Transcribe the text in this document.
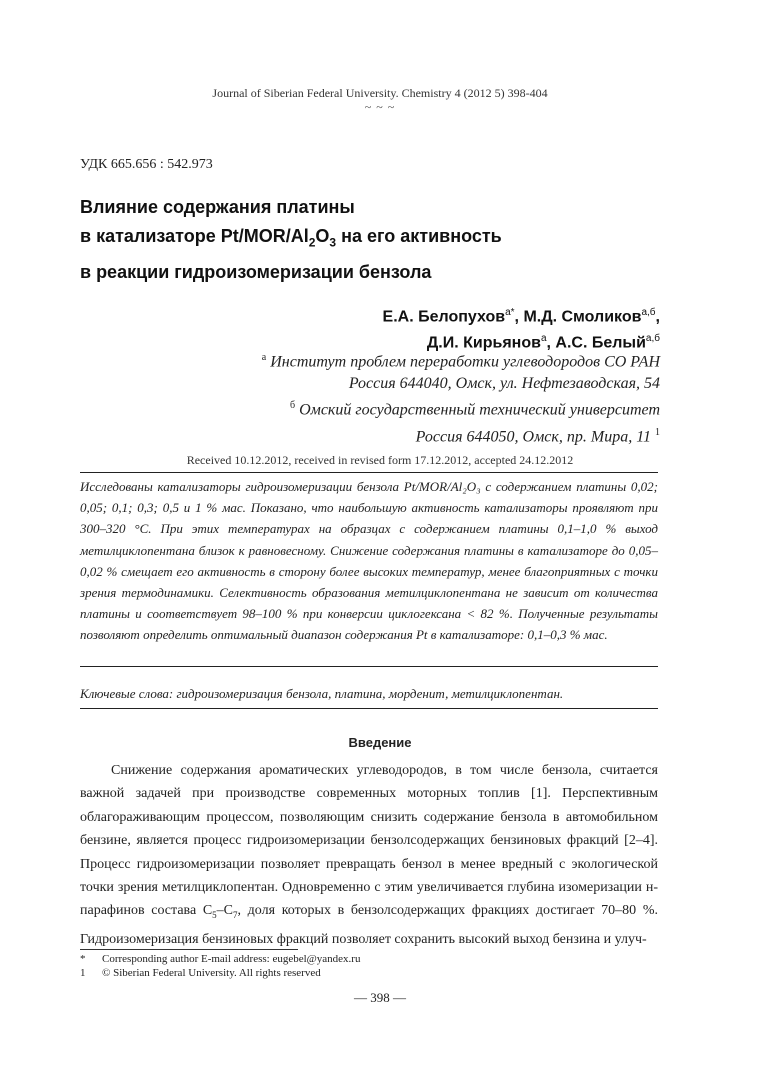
Journal of Siberian Federal University. Chemistry 4 (2012 5) 398-404
~ ~ ~
УДК 665.656 : 542.973
Влияние содержания платины
в катализаторе $Pt/MOR/Al_2O_3$ на его активность
в реакции гидроизомеризации бензола
Е.А. Белопухов$^{а*}$, М.Д. Смоликов$^{а,б}$,
Д.И. Кирьянов$^а$, А.С. Белый$^{а,б}$
$^а$ Институт проблем переработки углеводородов СО РАН
Россия 644040, Омск, ул. Нефтезаводская, 54
$^б$ Омский государственный технический университет
Россия 644050, Омск, пр. Мира, 11 $^1$
Received 10.12.2012, received in revised form 17.12.2012, accepted 24.12.2012
Исследованы катализаторы гидроизомеризации бензола Pt/MOR/Al₂O₃ с содержанием платины 0,02; 0,05; 0,1; 0,3; 0,5 и 1 % мас. Показано, что наибольшую активность катализаторы проявляют при 300–320 °С. При этих температурах на образцах с содержанием платины 0,1–1,0 % выход метилциклопентана близок к равновесному. Снижение содержания платины в катализаторе до 0,05–0,02 % смещает его активность в сторону более высоких температур, менее благоприятных с точки зрения термодинамики. Селективность образования метилциклопентана не зависит от количества платины и соответствует 98–100 % при конверсии циклогексана < 82 %. Полученные результаты позволяют определить оптимальный диапазон содержания Pt в катализаторе: 0,1–0,3 % мас.
Ключевые слова: гидроизомеризация бензола, платина, морденит, метилциклопентан.
Введение

Снижение содержания ароматических углеводородов, в том числе бензола, считается важной задачей при производстве современных моторных топлив [1]. Перспективным облагораживающим процессом, позволяющим снизить содержание бензола в автомобильном бензине, является процесс гидроизомеризации бензолсодержащих бензиновых фракций [2–4]. Процесс гидроизомеризации позволяет превращать бензол в менее вредный с экологической точки зрения метилциклопентан. Одновременно с этим увеличивается глубина изомеризации н-парафинов состава $С_5-С_7$, доля которых в бензолсодержащих фракциях достигает 70–80 %. Гидроизомеризация бензиновых фракций позволяет сохранить высокий выход бензина и улуч-

* Corresponding author E-mail address: eugebel@yandex.ru
1 © Siberian Federal University. All rights reserved
— 398 —
